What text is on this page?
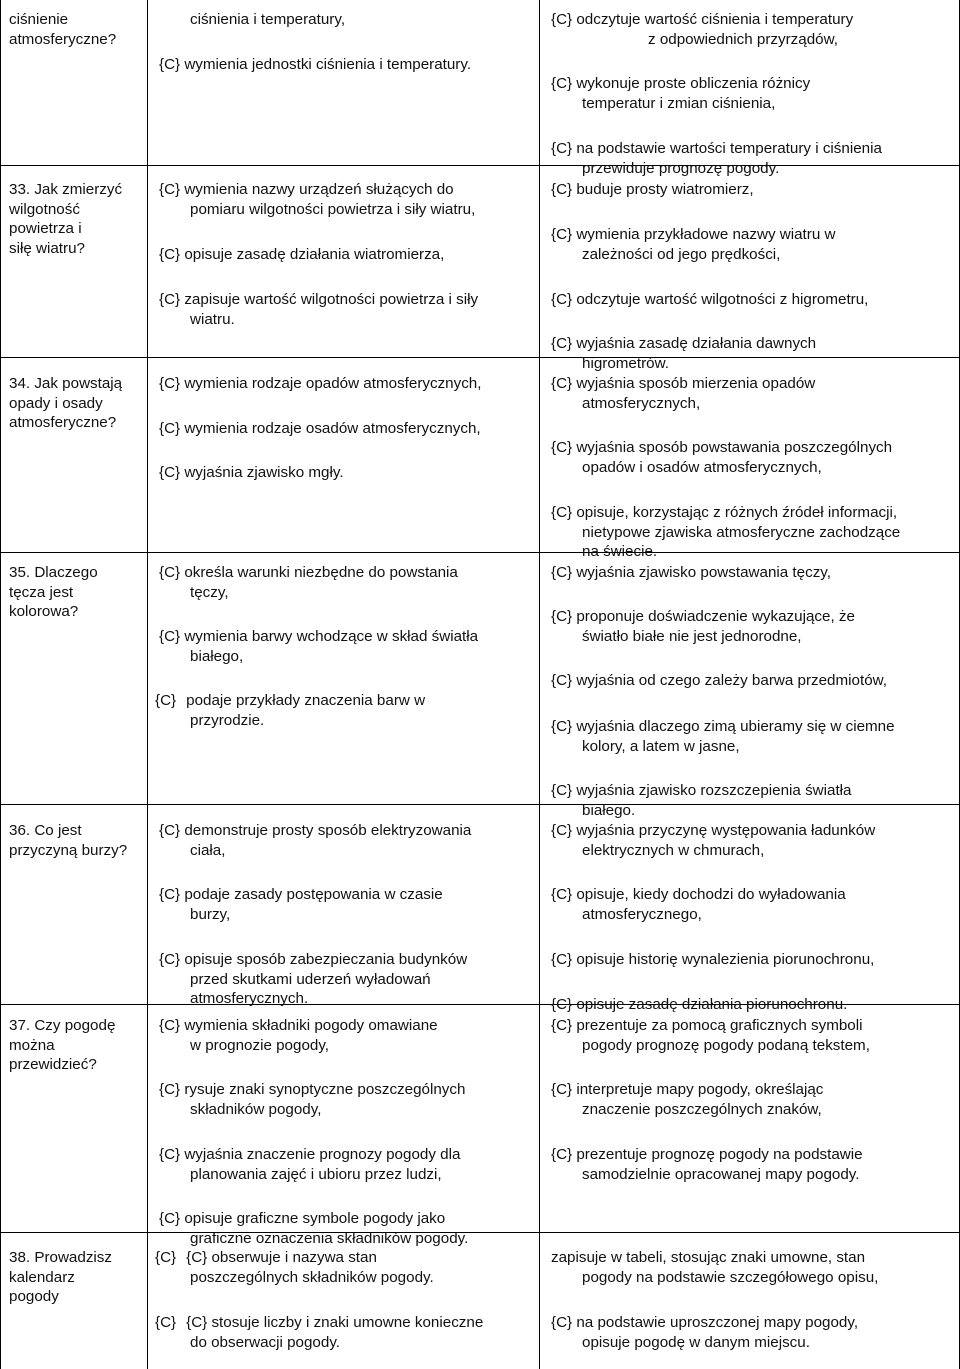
ciśnienie
atmosferyczne?
ciśnienia i temperatury,
{C} wymienia jednostki ciśnienia i temperatury.
{C} odczytuje wartość ciśnienia i temperatury
z odpowiednich przyrządów,
{C} wykonuje proste obliczenia różnicy
temperatur i zmian ciśnienia,
{C} na podstawie wartości temperatury i ciśnienia
przewiduje prognozę pogody.
33. Jak zmierzyć
wilgotność
powietrza i
siłę wiatru?
{C} wymienia nazwy urządzeń służących do
pomiaru wilgotności powietrza i siły wiatru,
{C} opisuje zasadę działania wiatromierza,
{C} zapisuje wartość wilgotności powietrza i siły
wiatru.
{C} buduje prosty wiatromierz,
{C} wymienia przykładowe nazwy wiatru w
zależności od jego prędkości,
{C} odczytuje wartość wilgotności z higrometru,
{C} wyjaśnia zasadę działania dawnych
higrometrów.
34. Jak powstają
opady i osady
atmosferyczne?
{C} wymienia rodzaje opadów atmosferycznych,
{C} wymienia rodzaje osadów atmosferycznych,
{C} wyjaśnia zjawisko mgły.
{C} wyjaśnia sposób mierzenia opadów
atmosferycznych,
{C} wyjaśnia sposób powstawania poszczególnych
opadów i osadów atmosferycznych,
{C} opisuje, korzystając z różnych źródeł informacji,
nietypowe zjawiska atmosferyczne zachodzące
na świecie.
35. Dlaczego
tęcza jest
kolorowa?
{C} określa warunki niezbędne do powstania
tęczy,
{C} wymienia barwy wchodzące w skład światła
białego,
{C} podaje przykłady znaczenia barw w
przyrodzie.
{C} wyjaśnia zjawisko powstawania tęczy,
{C} proponuje doświadczenie wykazujące, że
światło białe nie jest jednorodne,
{C} wyjaśnia od czego zależy barwa przedmiotów,
{C} wyjaśnia dlaczego zimą ubieramy się w ciemne
kolory, a latem w jasne,
{C} wyjaśnia zjawisko rozszczepienia światła
białego.
36. Co jest
przyczyną burzy?
{C} demonstruje prosty sposób elektryzowania
ciała,
{C} podaje zasady postępowania w czasie
burzy,
{C} opisuje sposób zabezpieczania budynków
przed skutkami uderzeń wyładowań
atmosferycznych.
{C} wyjaśnia przyczynę występowania ładunków
elektrycznych w chmurach,
{C} opisuje, kiedy dochodzi do wyładowania
atmosferycznego,
{C} opisuje historię wynalezienia piorunochronu,
{C} opisuje zasadę działania piorunochronu.
37. Czy pogodę
można
przewidzieć?
{C} wymienia składniki pogody omawiane
w prognozie pogody,
{C} rysuje znaki synoptyczne poszczególnych
składników pogody,
{C} wyjaśnia znaczenie prognozy pogody dla
planowania zajęć i ubioru przez ludzi,
{C} opisuje graficzne symbole pogody jako
graficzne oznaczenia składników pogody.
{C} prezentuje za pomocą graficznych symboli
pogody prognozę pogody podaną tekstem,
{C} interpretuje mapy pogody, określając
znaczenie poszczególnych znaków,
{C} prezentuje prognozę pogody na podstawie
samodzielnie opracowanej mapy pogody.
38. Prowadzisz
kalendarz
pogody
{C} {C} obserwuje i nazywa stan
poszczególnych składników pogody.
{C} {C} stosuje liczby i znaki umowne konieczne
do obserwacji pogody.
zapisuje w tabeli, stosując znaki umowne, stan
pogody na podstawie szczegółowego opisu,
{C} na podstawie uproszczonej mapy pogody,
opisuje pogodę w danym miejscu.
